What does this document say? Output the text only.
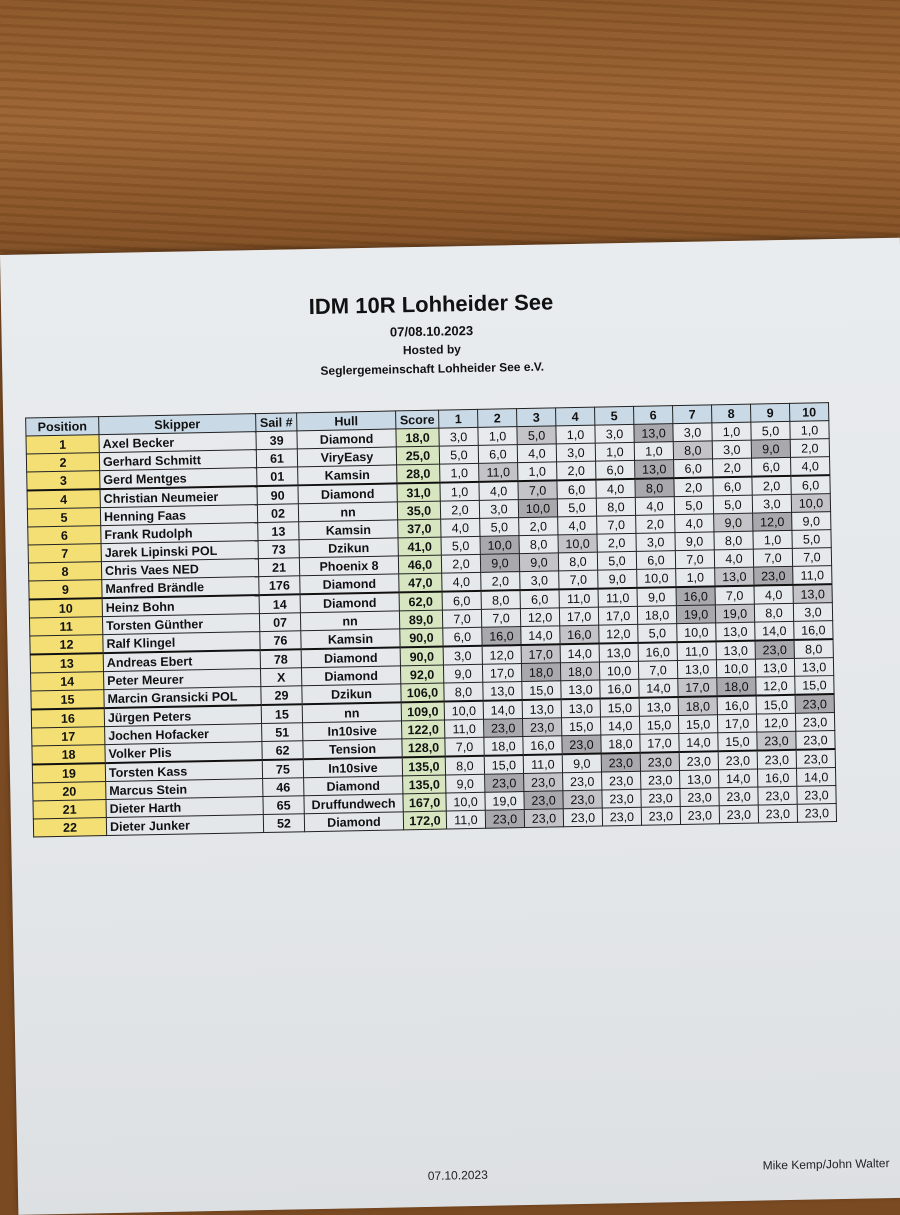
IDM 10R Lohheider See
07/08.10.2023
Hosted by
Seglergemeinschaft Lohheider See e.V.
Position	Skipper	Sail #	Hull	Score	1	2	3	4	5	6	7	8	9	10
1	Axel Becker	39	Diamond	18,0	3,0	1,0	5,0	1,0	3,0	13,0	3,0	1,0	5,0	1,0
2	Gerhard Schmitt	61	ViryEasy	25,0	5,0	6,0	4,0	3,0	1,0	1,0	8,0	3,0	9,0	2,0
3	Gerd Mentges	01	Kamsin	28,0	1,0	11,0	1,0	2,0	6,0	13,0	6,0	2,0	6,0	4,0
4	Christian Neumeier	90	Diamond	31,0	1,0	4,0	7,0	6,0	4,0	8,0	2,0	6,0	2,0	6,0
5	Henning Faas	02	nn	35,0	2,0	3,0	10,0	5,0	8,0	4,0	5,0	5,0	3,0	10,0
6	Frank Rudolph	13	Kamsin	37,0	4,0	5,0	2,0	4,0	7,0	2,0	4,0	9,0	12,0	9,0
7	Jarek Lipinski POL	73	Dzikun	41,0	5,0	10,0	8,0	10,0	2,0	3,0	9,0	8,0	1,0	5,0
8	Chris Vaes NED	21	Phoenix 8	46,0	2,0	9,0	9,0	8,0	5,0	6,0	7,0	4,0	7,0	7,0
9	Manfred Brändle	176	Diamond	47,0	4,0	2,0	3,0	7,0	9,0	10,0	1,0	13,0	23,0	11,0
10	Heinz Bohn	14	Diamond	62,0	6,0	8,0	6,0	11,0	11,0	9,0	16,0	7,0	4,0	13,0
11	Torsten Günther	07	nn	89,0	7,0	7,0	12,0	17,0	17,0	18,0	19,0	19,0	8,0	3,0
12	Ralf Klingel	76	Kamsin	90,0	6,0	16,0	14,0	16,0	12,0	5,0	10,0	13,0	14,0	16,0
13	Andreas Ebert	78	Diamond	90,0	3,0	12,0	17,0	14,0	13,0	16,0	11,0	13,0	23,0	8,0
14	Peter Meurer	X	Diamond	92,0	9,0	17,0	18,0	18,0	10,0	7,0	13,0	10,0	13,0	13,0
15	Marcin Gransicki POL	29	Dzikun	106,0	8,0	13,0	15,0	13,0	16,0	14,0	17,0	18,0	12,0	15,0
16	Jürgen Peters	15	nn	109,0	10,0	14,0	13,0	13,0	15,0	13,0	18,0	16,0	15,0	23,0
17	Jochen Hofacker	51	In10sive	122,0	11,0	23,0	23,0	15,0	14,0	15,0	15,0	17,0	12,0	23,0
18	Volker Plis	62	Tension	128,0	7,0	18,0	16,0	23,0	18,0	17,0	14,0	15,0	23,0	23,0
19	Torsten Kass	75	In10sive	135,0	8,0	15,0	11,0	9,0	23,0	23,0	23,0	23,0	23,0	23,0
20	Marcus Stein	46	Diamond	135,0	9,0	23,0	23,0	23,0	23,0	23,0	13,0	14,0	16,0	14,0
21	Dieter Harth	65	Druffundwech	167,0	10,0	19,0	23,0	23,0	23,0	23,0	23,0	23,0	23,0	23,0
22	Dieter Junker	52	Diamond	172,0	11,0	23,0	23,0	23,0	23,0	23,0	23,0	23,0	23,0	23,0
07.10.2023
Mike Kemp/John Walter
